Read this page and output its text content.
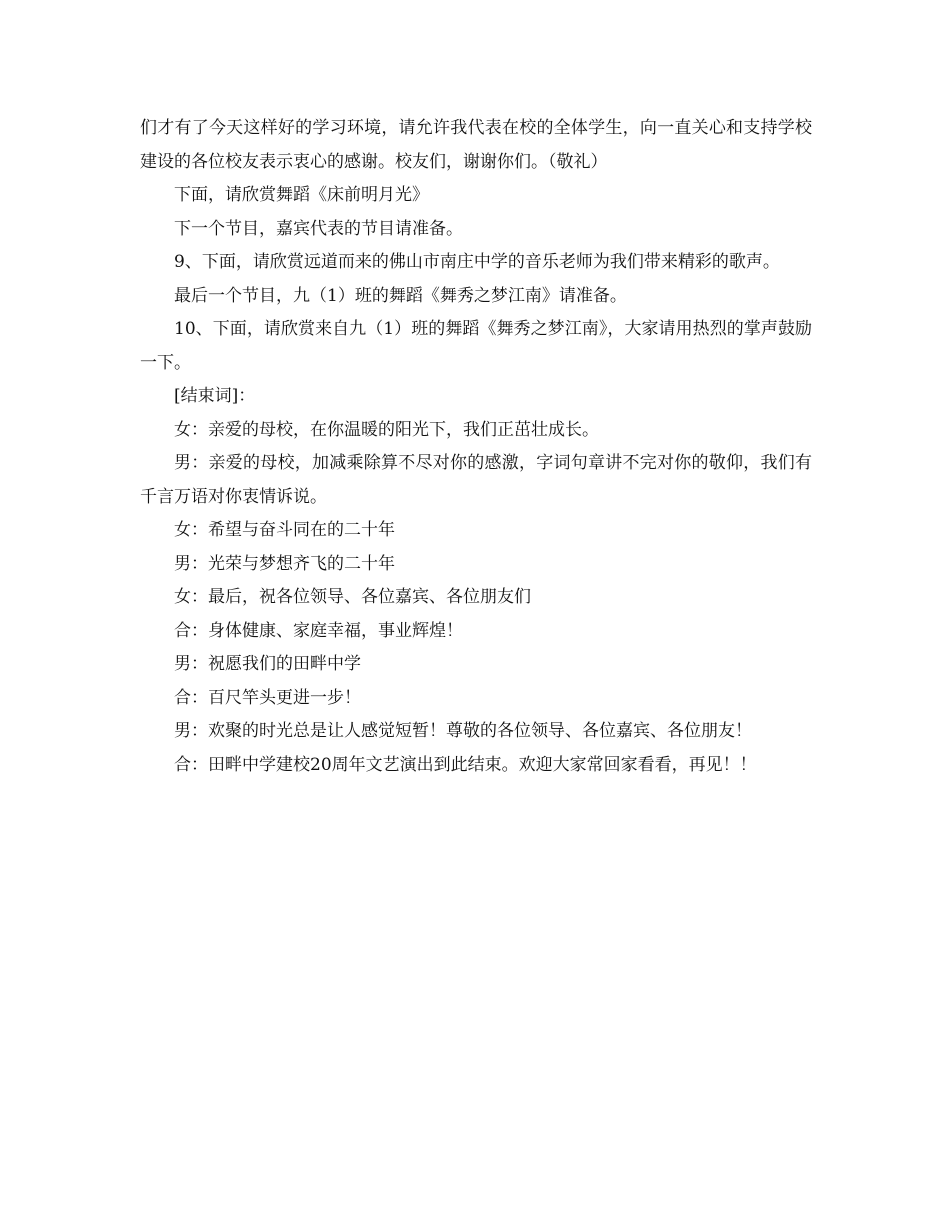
们才有了今天这样好的学习环境，请允许我代表在校的全体学生，向一直关心和支持学校建设的各位校友表示衷心的感谢。校友们，谢谢你们。（敬礼）

下面，请欣赏舞蹈《床前明月光》

下一个节目，嘉宾代表的节目请准备。

9、下面，请欣赏远道而来的佛山市南庄中学的音乐老师为我们带来精彩的歌声。

最后一个节目，九（1）班的舞蹈《舞秀之梦江南》请准备。

10、下面，请欣赏来自九（1）班的舞蹈《舞秀之梦江南》，大家请用热烈的掌声鼓励一下。

[结束词]：

女：亲爱的母校，在你温暖的阳光下，我们正茁壮成长。

男：亲爱的母校，加减乘除算不尽对你的感激，字词句章讲不完对你的敬仰，我们有千言万语对你衷情诉说。

女：希望与奋斗同在的二十年

男：光荣与梦想齐飞的二十年

女：最后，祝各位领导、各位嘉宾、各位朋友们

合：身体健康、家庭幸福，事业辉煌！

男：祝愿我们的田畔中学

合：百尺竿头更进一步！

男：欢聚的时光总是让人感觉短暂！尊敬的各位领导、各位嘉宾、各位朋友！

合：田畔中学建校20周年文艺演出到此结束。欢迎大家常回家看看，再见！！
